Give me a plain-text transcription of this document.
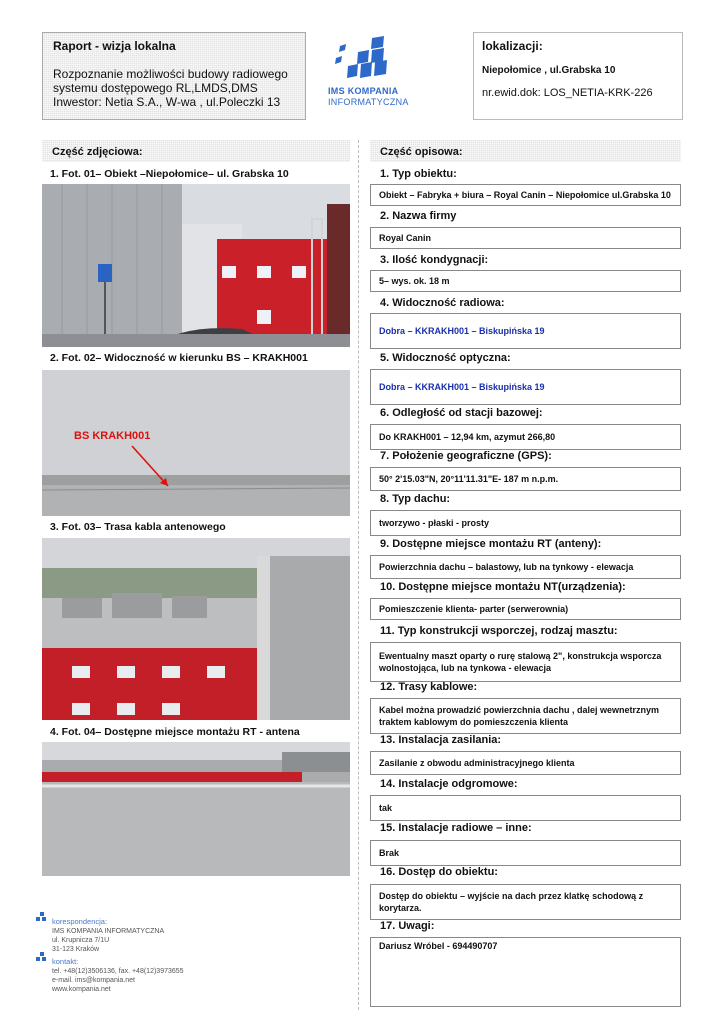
Raport - wizja lokalna
Rozpoznanie możliwości budowy radiowego
systemu dostępowego RL,LMDS,DMS
Inwestor: Netia S.A., W-wa , ul.Poleczki 13
IMS KOMPANIA
INFORMATYCZNA
lokalizacji:
Niepołomice , ul.Grabska 10
nr.ewid.dok: LOS_NETIA-KRK-226
Część zdjęciowa:
1. Fot. 01– Obiekt –Niepołomice– ul. Grabska 10
2. Fot. 02– Widoczność w kierunku BS – KRAKH001
BS KRAKH001
3. Fot. 03– Trasa kabla antenowego
4. Fot. 04– Dostępne miejsce montażu RT - antena
Część opisowa:
1. Typ obiektu:
Obiekt – Fabryka + biura – Royal Canin – Niepołomice ul.Grabska 10
2. Nazwa firmy
Royal Canin
3. Ilość kondygnacji:
5– wys. ok. 18 m
4. Widoczność radiowa:
Dobra – KKRAKH001 – Biskupińska 19
5. Widoczność optyczna:
Dobra – KKRAKH001 – Biskupińska 19
6. Odległość od stacji bazowej:
Do KRAKH001 – 12,94 km, azymut 266,80
7. Położenie geograficzne (GPS):
50° 2'15.03"N, 20°11'11.31"E- 187 m n.p.m.
8. Typ dachu:
tworzywo - płaski - prosty
9. Dostępne miejsce montażu RT (anteny):
Powierzchnia dachu – balastowy, lub na tynkowy - elewacja
10. Dostępne miejsce montażu NT(urządzenia):
Pomieszczenie klienta- parter (serwerownia)
11. Typ konstrukcji wsporczej, rodzaj masztu:
Ewentualny maszt oparty o rurę stalową 2", konstrukcja wsporcza wolnostojąca, lub na tynkowa - elewacja
12. Trasy kablowe:
Kabel można prowadzić powierzchnia dachu , dalej wewnetrznym traktem kablowym do pomieszczenia klienta
13. Instalacja zasilania:
Zasilanie z obwodu administracyjnego klienta
14. Instalacje odgromowe:
tak
15. Instalacje radiowe – inne:
Brak
16. Dostęp do obiektu:
Dostęp do obiektu – wyjście na dach przez klatkę schodową z korytarza.
17. Uwagi:
Dariusz Wróbel - 694490707
korespondencja:
IMS KOMPANIA INFORMATYCZNA
ul. Krupnicza 7/1U
31-123 Kraków
kontakt:
tel. +48(12)3506136, fax. +48(12)3973655
e-mail. ims@kompania.net
www.kompania.net
